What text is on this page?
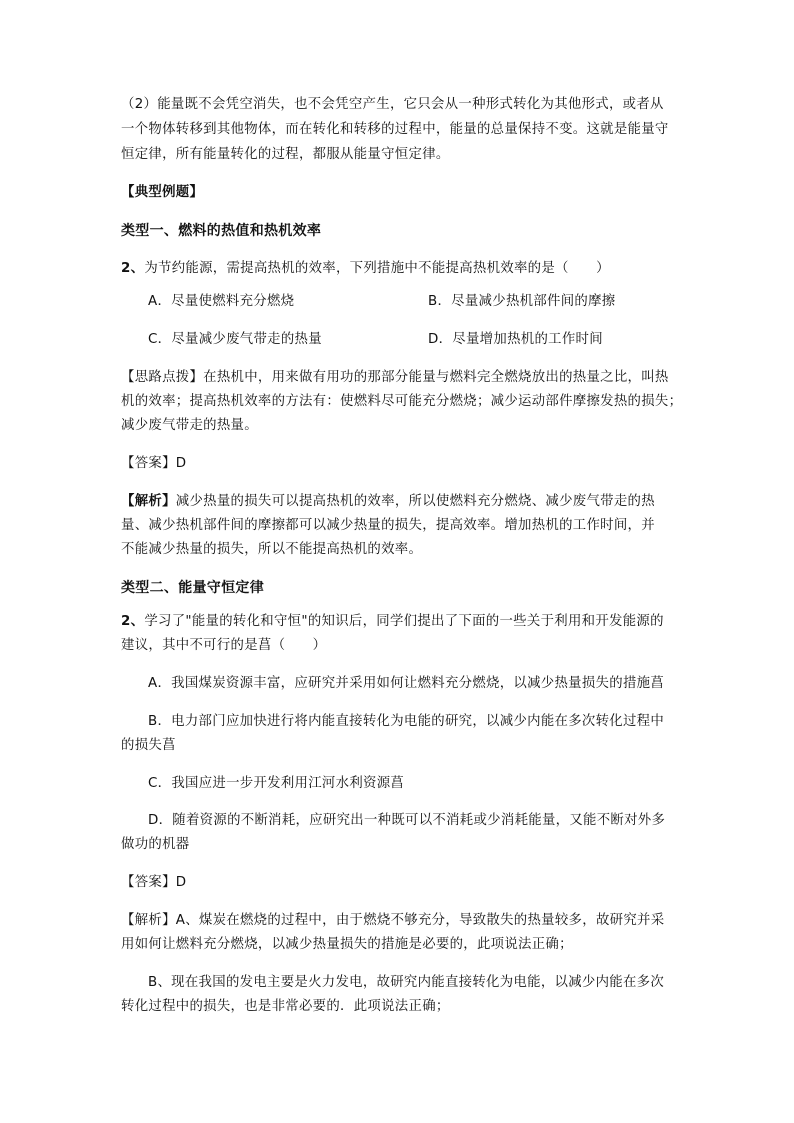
（2）能量既不会凭空消失，也不会凭空产生，它只会从一种形式转化为其他形式，或者从
一个物体转移到其他物体，而在转化和转移的过程中，能量的总量保持不变。这就是能量守
恒定律，所有能量转化的过程，都服从能量守恒定律。
【典型例题】
类型一、燃料的热值和热机效率
2、为节约能源，需提高热机的效率，下列措施中不能提高热机效率的是（　　）
A．尽量使燃料充分燃烧	B．尽量减少热机部件间的摩擦
C．尽量减少废气带走的热量	D．尽量增加热机的工作时间
【思路点拨】在热机中，用来做有用功的那部分能量与燃料完全燃烧放出的热量之比，叫热
机的效率；提高热机效率的方法有：使燃料尽可能充分燃烧；减少运动部件摩擦发热的损失；
减少废气带走的热量。
【答案】D
【解析】减少热量的损失可以提高热机的效率，所以使燃料充分燃烧、减少废气带走的热
量、减少热机部件间的摩擦都可以减少热量的损失，提高效率。增加热机的工作时间，并
不能减少热量的损失，所以不能提高热机的效率。
类型二、能量守恒定律
2、学习了"能量的转化和守恒"的知识后，同学们提出了下面的一些关于利用和开发能源的
建议，其中不可行的是菖（　　）
A．我国煤炭资源丰富，应研究并采用如何让燃料充分燃烧，以减少热量损失的措施菖
B．电力部门应加快进行将内能直接转化为电能的研究，以减少内能在多次转化过程中
的损失菖
C．我国应进一步开发利用江河水利资源菖
D．随着资源的不断消耗，应研究出一种既可以不消耗或少消耗能量，又能不断对外多
做功的机器
【答案】D
【解析】A、煤炭在燃烧的过程中，由于燃烧不够充分，导致散失的热量较多，故研究并采
用如何让燃料充分燃烧，以减少热量损失的措施是必要的，此项说法正确；
B、现在我国的发电主要是火力发电，故研究内能直接转化为电能，以减少内能在多次
转化过程中的损失，也是非常必要的．此项说法正确；
